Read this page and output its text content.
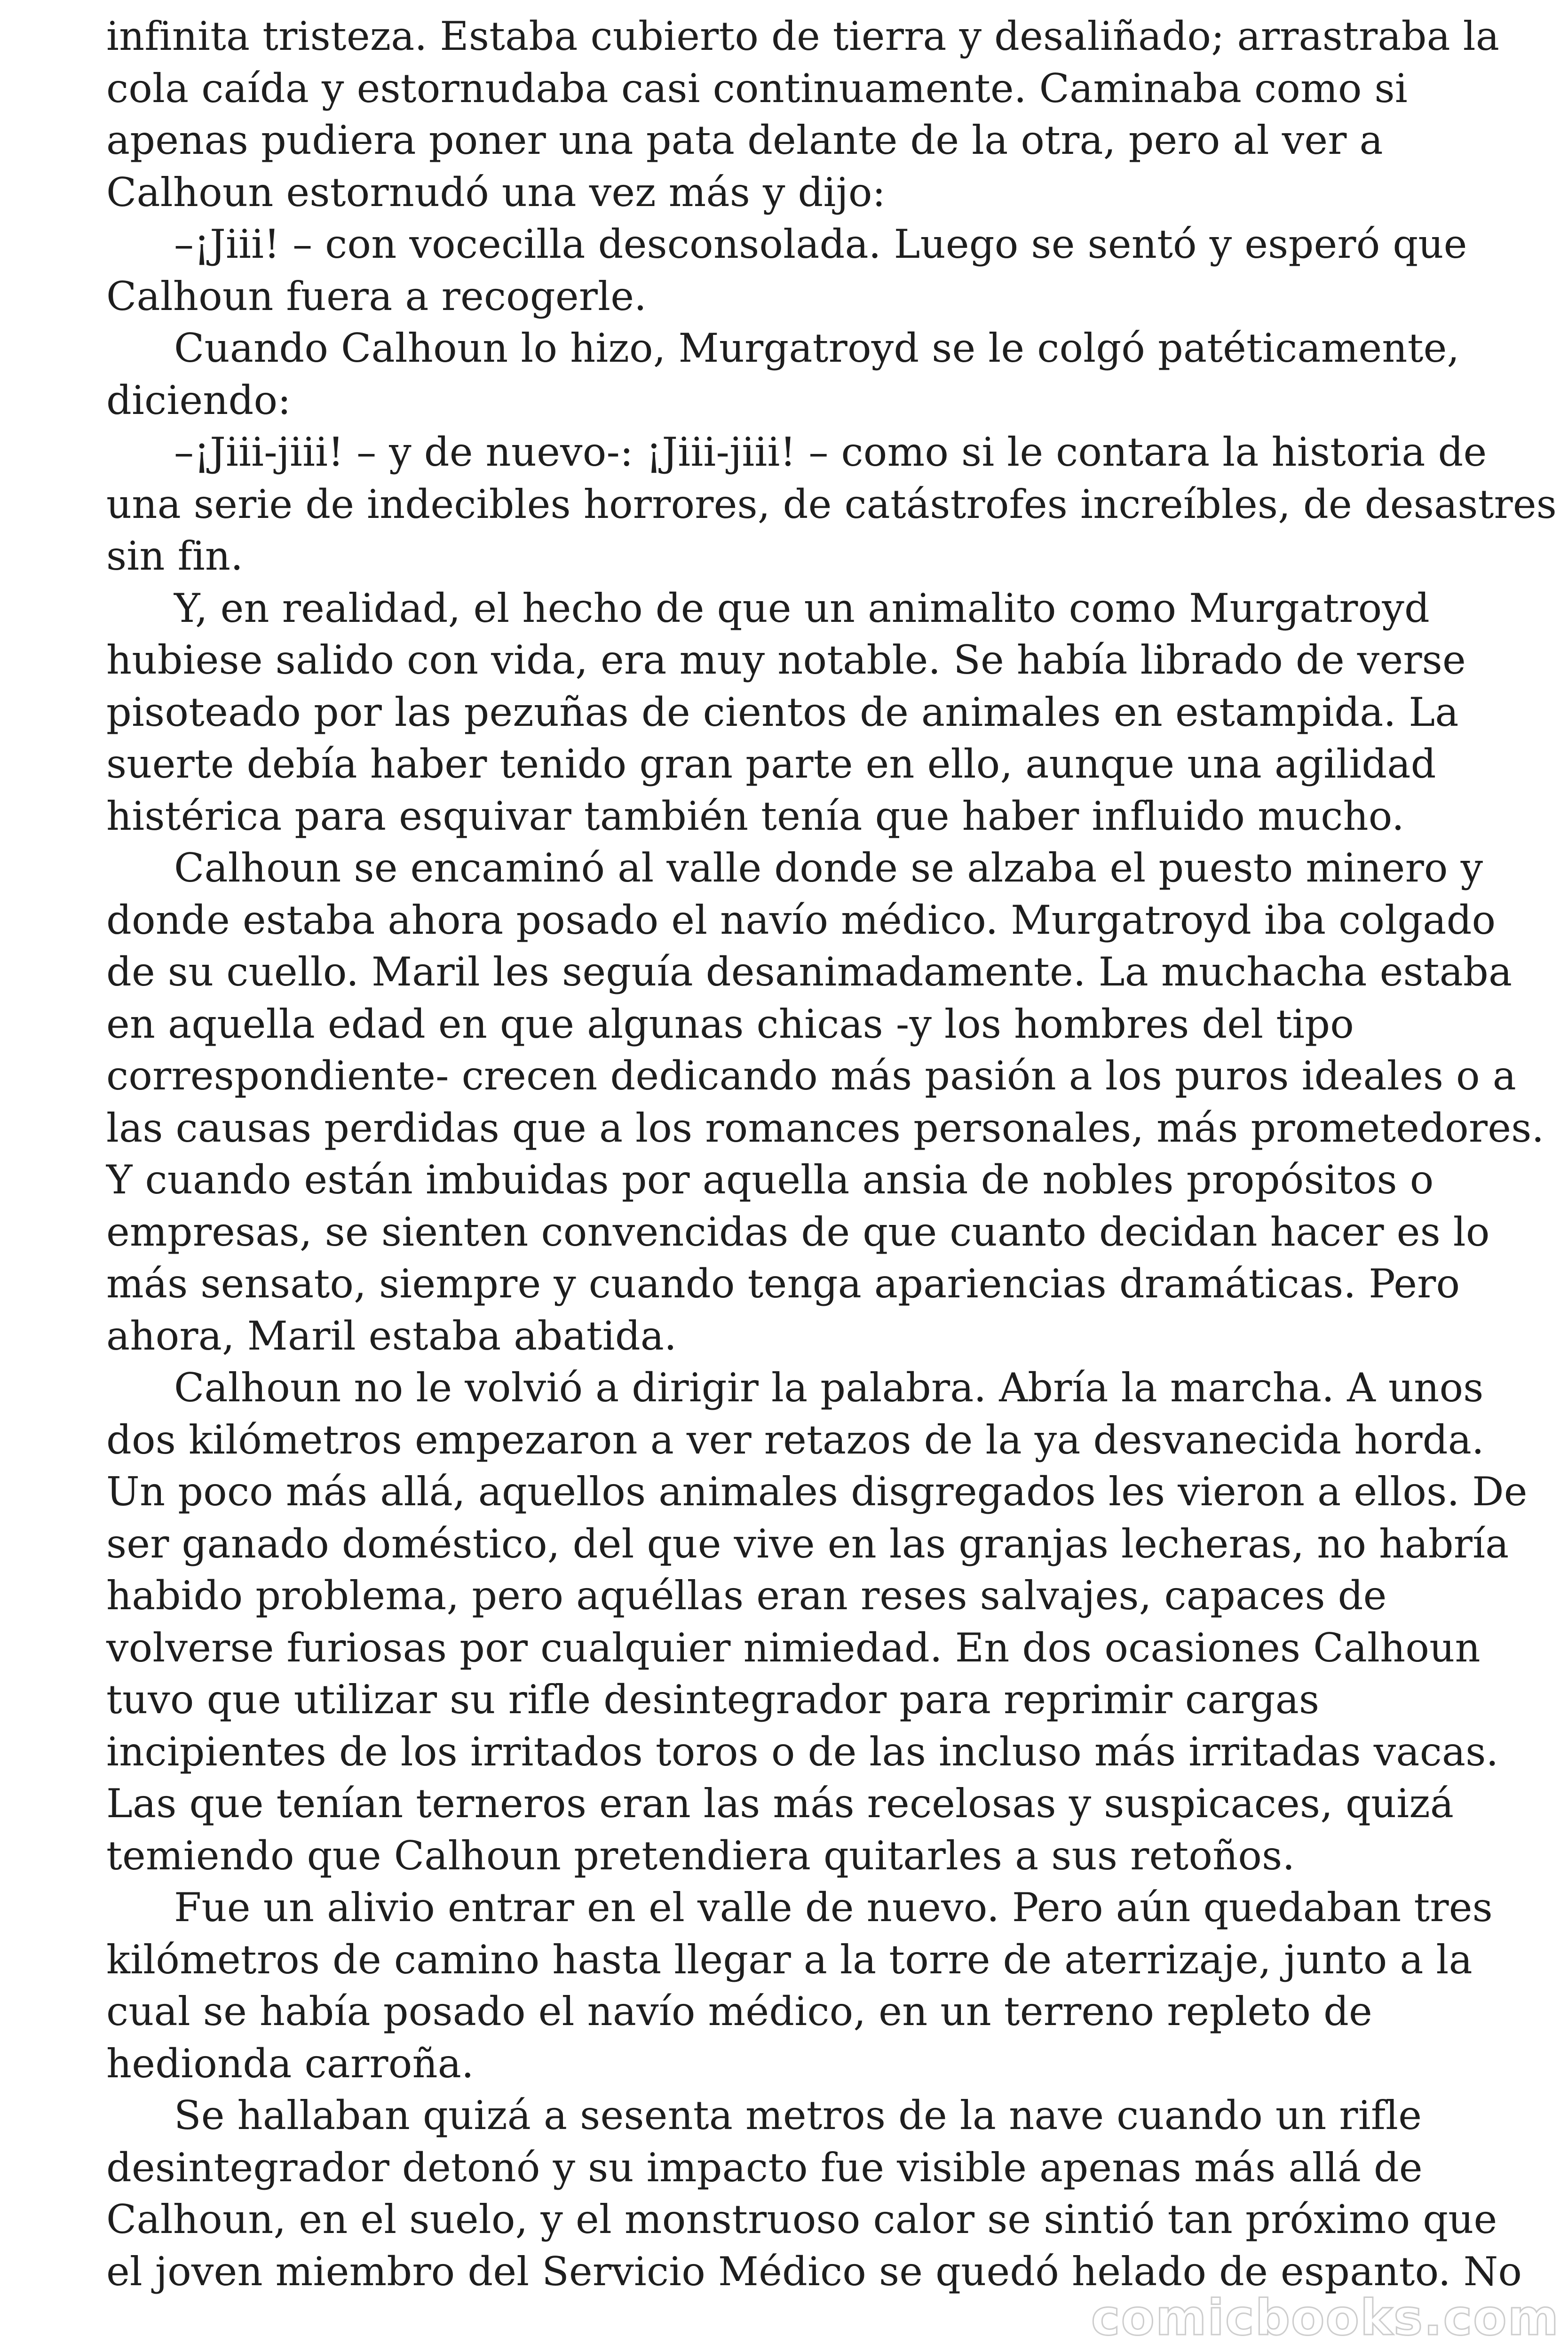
infinita tristeza. Estaba cubierto de tierra y desaliñado; arrastraba la
cola caída y estornudaba casi continuamente. Caminaba como si
apenas pudiera poner una pata delante de la otra, pero al ver a
Calhoun estornudó una vez más y dijo:

–¡Jiii! – con vocecilla desconsolada. Luego se sentó y esperó que
Calhoun fuera a recogerle.

Cuando Calhoun lo hizo, Murgatroyd se le colgó patéticamente,
diciendo:

–¡Jiii-jiii! – y de nuevo-: ¡Jiii-jiii! – como si le contara la historia de
una serie de indecibles horrores, de catástrofes increíbles, de desastres
sin fin.

Y, en realidad, el hecho de que un animalito como Murgatroyd
hubiese salido con vida, era muy notable. Se había librado de verse
pisoteado por las pezuñas de cientos de animales en estampida. La
suerte debía haber tenido gran parte en ello, aunque una agilidad
histérica para esquivar también tenía que haber influido mucho.

Calhoun se encaminó al valle donde se alzaba el puesto minero y
donde estaba ahora posado el navío médico. Murgatroyd iba colgado
de su cuello. Maril les seguía desanimadamente. La muchacha estaba
en aquella edad en que algunas chicas -y los hombres del tipo
correspondiente- crecen dedicando más pasión a los puros ideales o a
las causas perdidas que a los romances personales, más prometedores.
Y cuando están imbuidas por aquella ansia de nobles propósitos o
empresas, se sienten convencidas de que cuanto decidan hacer es lo
más sensato, siempre y cuando tenga apariencias dramáticas. Pero
ahora, Maril estaba abatida.

Calhoun no le volvió a dirigir la palabra. Abría la marcha. A unos
dos kilómetros empezaron a ver retazos de la ya desvanecida horda.
Un poco más allá, aquellos animales disgregados les vieron a ellos. De
ser ganado doméstico, del que vive en las granjas lecheras, no habría
habido problema, pero aquéllas eran reses salvajes, capaces de
volverse furiosas por cualquier nimiedad. En dos ocasiones Calhoun
tuvo que utilizar su rifle desintegrador para reprimir cargas
incipientes de los irritados toros o de las incluso más irritadas vacas.
Las que tenían terneros eran las más recelosas y suspicaces, quizá
temiendo que Calhoun pretendiera quitarles a sus retoños.

Fue un alivio entrar en el valle de nuevo. Pero aún quedaban tres
kilómetros de camino hasta llegar a la torre de aterrizaje, junto a la
cual se había posado el navío médico, en un terreno repleto de
hedionda carroña.

Se hallaban quizá a sesenta metros de la nave cuando un rifle
desintegrador detonó y su impacto fue visible apenas más allá de
Calhoun, en el suelo, y el monstruoso calor se sintió tan próximo que
el joven miembro del Servicio Médico se quedó helado de espanto. No

comicbooks.com
